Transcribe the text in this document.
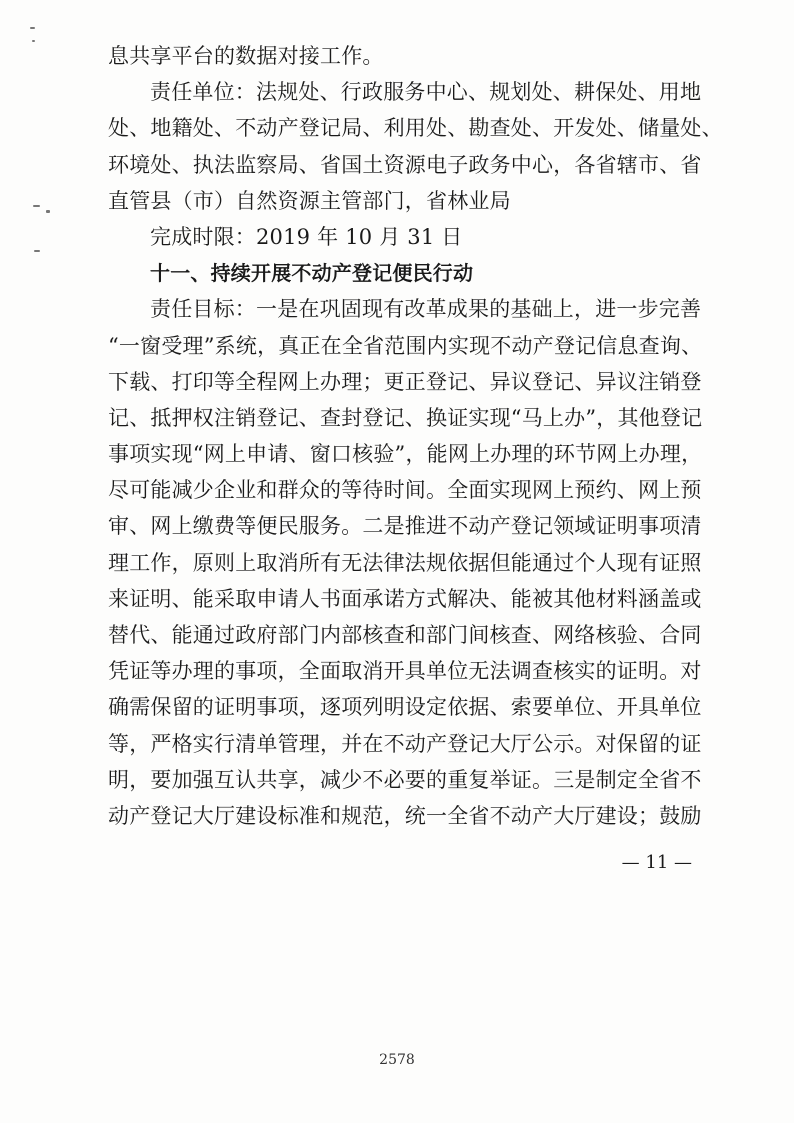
息共享平台的数据对接工作。
责任单位：法规处、行政服务中心、规划处、耕保处、用地
处、地籍处、不动产登记局、利用处、勘查处、开发处、储量处、
环境处、执法监察局、省国土资源电子政务中心，各省辖市、省
直管县（市）自然资源主管部门，省林业局
完成时限：2019 年 10 月 31 日
十一、持续开展不动产登记便民行动
责任目标：一是在巩固现有改革成果的基础上，进一步完善
“一窗受理”系统，真正在全省范围内实现不动产登记信息查询、
下载、打印等全程网上办理；更正登记、异议登记、异议注销登
记、抵押权注销登记、查封登记、换证实现“马上办”，其他登记
事项实现“网上申请、窗口核验”，能网上办理的环节网上办理，
尽可能减少企业和群众的等待时间。全面实现网上预约、网上预
审、网上缴费等便民服务。二是推进不动产登记领域证明事项清
理工作，原则上取消所有无法律法规依据但能通过个人现有证照
来证明、能采取申请人书面承诺方式解决、能被其他材料涵盖或
替代、能通过政府部门内部核查和部门间核查、网络核验、合同
凭证等办理的事项，全面取消开具单位无法调查核实的证明。对
确需保留的证明事项，逐项列明设定依据、索要单位、开具单位
等，严格实行清单管理，并在不动产登记大厅公示。对保留的证
明，要加强互认共享，减少不必要的重复举证。三是制定全省不
动产登记大厅建设标准和规范，统一全省不动产大厅建设；鼓励
— 11 —
2578
